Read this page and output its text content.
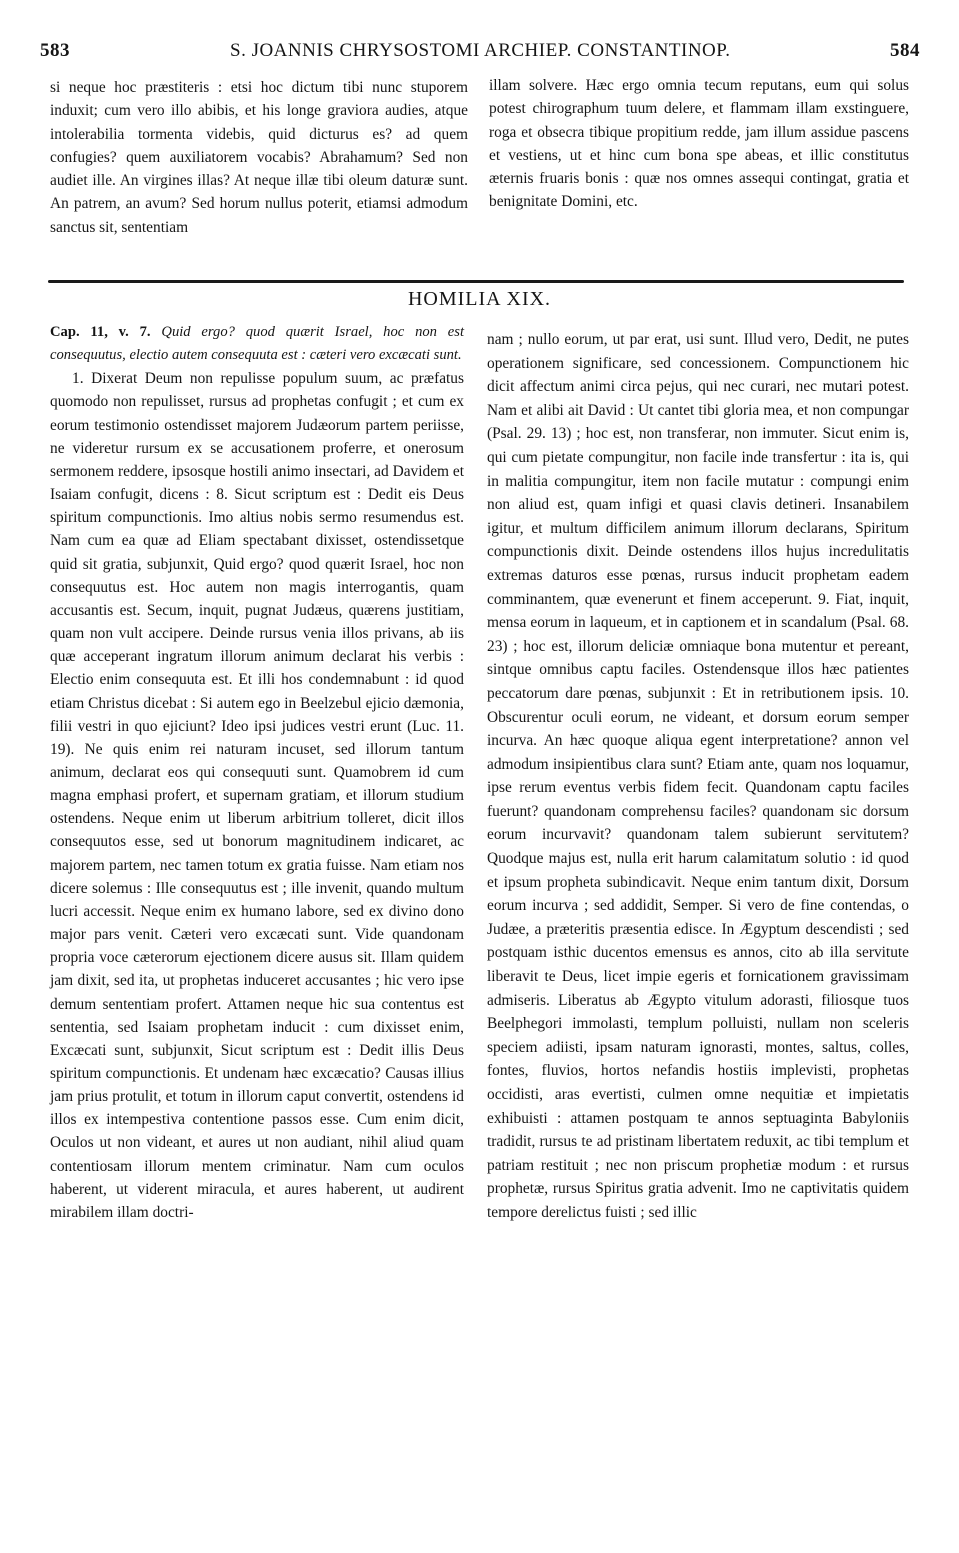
583	S. JOANNIS CHRYSOSTOMI ARCHIEP. CONSTANTINOP.	584
si neque hoc præstiteris : etsi hoc dictum tibi nunc stuporem induxit; cum vero illo abibis, et his longe graviora audies, atque intolerabilia tormenta videbis, quid dicturus es? ad quem confugies? quem auxiliatorem vocabis? Abrahamum? Sed non audiet ille. An virgines illas? At neque illæ tibi oleum daturæ sunt. An patrem, an avum? Sed horum nullus poterit, etiamsi admodum sanctus sit, sententiam
illam solvere. Hæc ergo omnia tecum reputans, eum qui solus potest chirographum tuum delere, et flammam illam exstinguere, roga et obsecra tibique propitium redde, jam illum assidue pascens et vestiens, ut et hinc cum bona spe abeas, et illic constitutus æternis fruaris bonis : quæ nos omnes assequi contingat, gratia et benignitate Domini, etc.
HOMILIA XIX.

Cap. 11, v. 7. Quid ergo? quod quærit Israel, hoc non est consequutus, electio autem consequuta est : cæteri vero excæcati sunt.

1. Dixerat Deum non repulisse populum suum, ac præfatus quomodo non repulisset, rursus ad prophetas confugit ; et cum ex eorum testimonio ostendisset majorem Judæorum partem periisse, ne videretur rursum ex se accusationem proferre, et onerosum sermonem reddere, ipsosque hostili animo insectari, ad Davidem et Isaiam confugit, dicens : 8. Sicut scriptum est : Dedit eis Deus spiritum compunctionis. Imo altius nobis sermo resumendus est. Nam cum ea quæ ad Eliam spectabant dixisset, ostendissetque quid sit gratia, subjunxit, Quid ergo? quod quærit Israel, hoc non consequutus est. Hoc autem non magis interrogantis, quam accusantis est. Secum, inquit, pugnat Judæus, quærens justitiam, quam non vult accipere. Deinde rursus venia illos privans, ab iis quæ acceperant ingratum illorum animum declarat his verbis : Electio enim consequuta est. Et illi hos condemnabunt : id quod etiam Christus dicebat : Si autem ego in Beelzebul ejicio dæmonia, filii vestri in quo ejiciunt? Ideo ipsi judices vestri erunt (Luc. 11. 19). Ne quis enim rei naturam incuset, sed illorum tantum animum, declarat eos qui consequuti sunt. Quamobrem id cum magna emphasi profert, et supernam gratiam, et illorum studium ostendens. Neque enim ut liberum arbitrium tolleret, dicit illos consequutos esse, sed ut bonorum magnitudinem indicaret, ac majorem partem, nec tamen totum ex gratia fuisse. Nam etiam nos dicere solemus : Ille consequutus est ; ille invenit, quando multum lucri accessit. Neque enim ex humano labore, sed ex divino dono major pars venit. Cæteri vero excæcati sunt. Vide quandonam propria voce cæterorum ejectionem dicere ausus sit. Illam quidem jam dixit, sed ita, ut prophetas induceret accusantes ; hic vero ipse demum sententiam profert. Attamen neque hic sua contentus est sententia, sed Isaiam prophetam inducit : cum dixisset enim, Excæcati sunt, subjunxit, Sicut scriptum est : Dedit illis Deus spiritum compunctionis. Et undenam hæc excæcatio? Causas illius jam prius protulit, et totum in illorum caput convertit, ostendens id illos ex intempestiva contentione passos esse. Cum enim dicit, Oculos ut non videant, et aures ut non audiant, nihil aliud quam contentiosam illorum mentem criminatur. Nam cum oculos haberent, ut viderent miracula, et aures haberent, ut audirent mirabilem illam doctri-

nam ; nullo eorum, ut par erat, usi sunt. Illud vero, Dedit, ne putes operationem significare, sed concessionem. Compunctionem hic dicit affectum animi circa pejus, qui nec curari, nec mutari potest. Nam et alibi ait David : Ut cantet tibi gloria mea, et non compungar (Psal. 29. 13) ; hoc est, non transferar, non immuter. Sicut enim is, qui cum pietate compungitur, non facile inde transfertur : ita is, qui in malitia compungitur, item non facile mutatur : compungi enim non aliud est, quam infigi et quasi clavis detineri. Insanabilem igitur, et multum difficilem animum illorum declarans, Spiritum compunctionis dixit. Deinde ostendens illos hujus incredulitatis extremas daturos esse pœnas, rursus inducit prophetam eadem comminantem, quæ evenerunt et finem acceperunt. 9. Fiat, inquit, mensa eorum in laqueum, et in captionem et in scandalum (Psal. 68. 23) ; hoc est, illorum deliciæ omniaque bona mutentur et pereant, sintque omnibus captu faciles. Ostendensque illos hæc patientes peccatorum dare pœnas, subjunxit : Et in retributionem ipsis. 10. Obscurentur oculi eorum, ne videant, et dorsum eorum semper incurva. An hæc quoque aliqua egent interpretatione? annon vel admodum insipientibus clara sunt? Etiam ante, quam nos loquamur, ipse rerum eventus verbis fidem fecit. Quandonam captu faciles fuerunt? quandonam comprehensu faciles? quandonam sic dorsum eorum incurvavit? quandonam talem subierunt servitutem? Quodque majus est, nulla erit harum calamitatum solutio : id quod et ipsum propheta subindicavit. Neque enim tantum dixit, Dorsum eorum incurva ; sed addidit, Semper. Si vero de fine contendas, o Judæe, a præteritis præsentia edisce. In Ægyptum descendisti ; sed postquam isthic ducentos emensus es annos, cito ab illa servitute liberavit te Deus, licet impie egeris et fornicationem gravissimam admiseris. Liberatus ab Ægypto vitulum adorasti, filiosque tuos Beelphegori immolasti, templum polluisti, nullam non sceleris speciem adiisti, ipsam naturam ignorasti, montes, saltus, colles, fontes, fluvios, hortos nefandis hostiis implevisti, prophetas occidisti, aras evertisti, culmen omne nequitiæ et impietatis exhibuisti : attamen postquam te annos septuaginta Babyloniis tradidit, rursus te ad pristinam libertatem reduxit, ac tibi templum et patriam restituit ; nec non priscum prophetiæ modum : et rursus prophetæ, rursus Spiritus gratia advenit. Imo ne captivitatis quidem tempore derelictus fuisti ; sed illic
